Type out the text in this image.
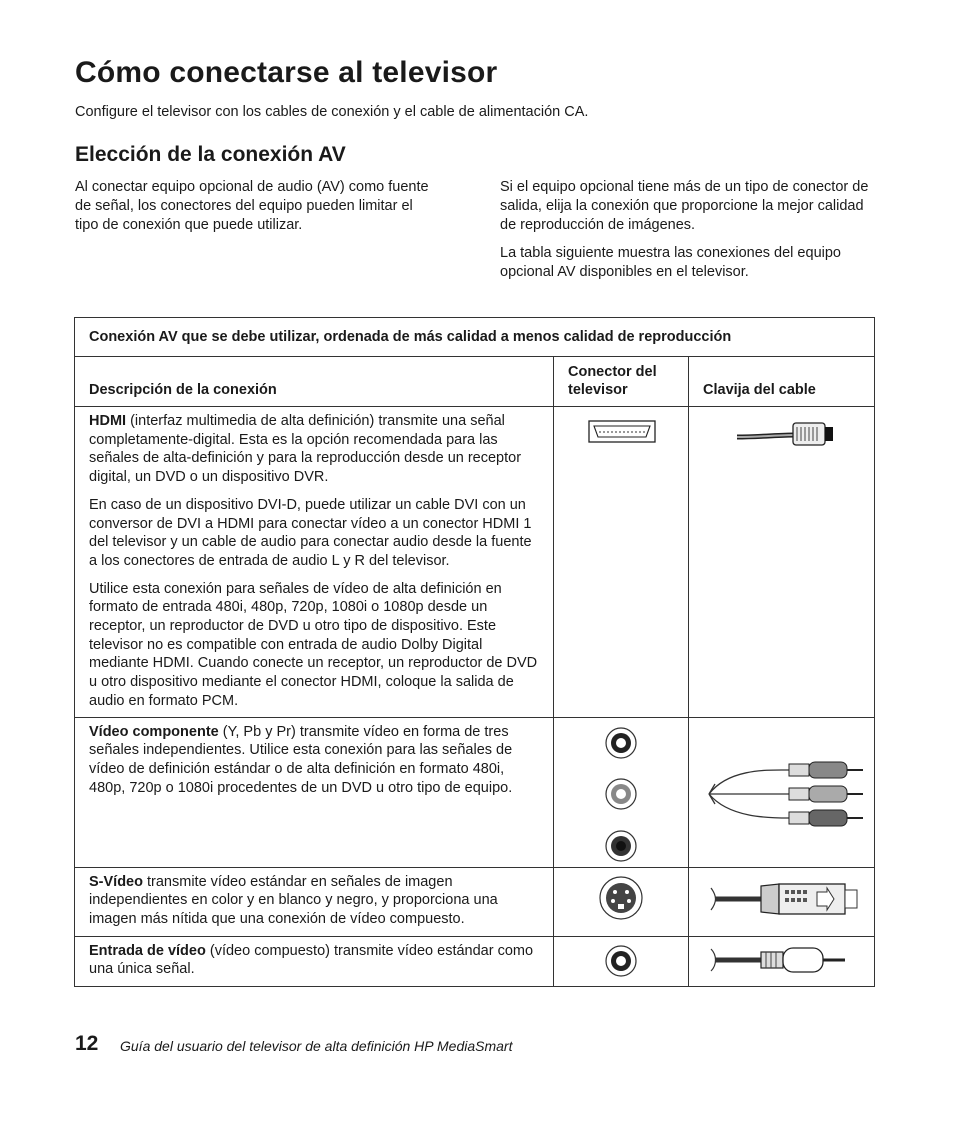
Cómo conectarse al televisor

Configure el televisor con los cables de conexión y el cable de alimentación CA.

Elección de la conexión AV

Al conectar equipo opcional de audio (AV) como fuente de señal, los conectores del equipo pueden limitar el tipo de conexión que puede utilizar.

Si el equipo opcional tiene más de un tipo de conector de salida, elija la conexión que proporcione la mejor calidad de reproducción de imágenes.

La tabla siguiente muestra las conexiones del equipo opcional AV disponibles en el televisor.

Conexión AV que se debe utilizar, ordenada de más calidad a menos calidad de reproducción		
Descripción de la conexión	Conector del televisor	Clavija del cable

HDMI (interfaz multimedia de alta definición) transmite una señal completamente-digital. Esta es la opción recomendada para las señales de alta-definición y para la reproducción desde un receptor digital, un DVD o un dispositivo DVR.

En caso de un dispositivo DVI-D, puede utilizar un cable DVI con un conversor de DVI a HDMI para conectar vídeo a un conector HDMI 1 del televisor y un cable de audio para conectar audio desde la fuente a los conectores de entrada de audio L y R del televisor.

Utilice esta conexión para señales de vídeo de alta definición en formato de entrada 480i, 480p, 720p, 1080i o 1080p desde un receptor, un reproductor de DVD u otro tipo de dispositivo. Este televisor no es compatible con entrada de audio Dolby Digital mediante HDMI. Cuando conecte un receptor, un reproductor de DVD u otro dispositivo mediante el conector HDMI, coloque la salida de audio en formato PCM.

Vídeo componente (Y, Pb y Pr) transmite vídeo en forma de tres señales independientes. Utilice esta conexión para las señales de vídeo de definición estándar o de alta definición en formato 480i, 480p, 720p o 1080i procedentes de un DVD u otro tipo de equipo.

S-Vídeo transmite vídeo estándar en señales de imagen independientes en color y en blanco y negro, y proporciona una imagen más nítida que una conexión de vídeo compuesto.

Entrada de vídeo (vídeo compuesto) transmite vídeo estándar como una única señal.

12 Guía del usuario del televisor de alta definición HP MediaSmart
